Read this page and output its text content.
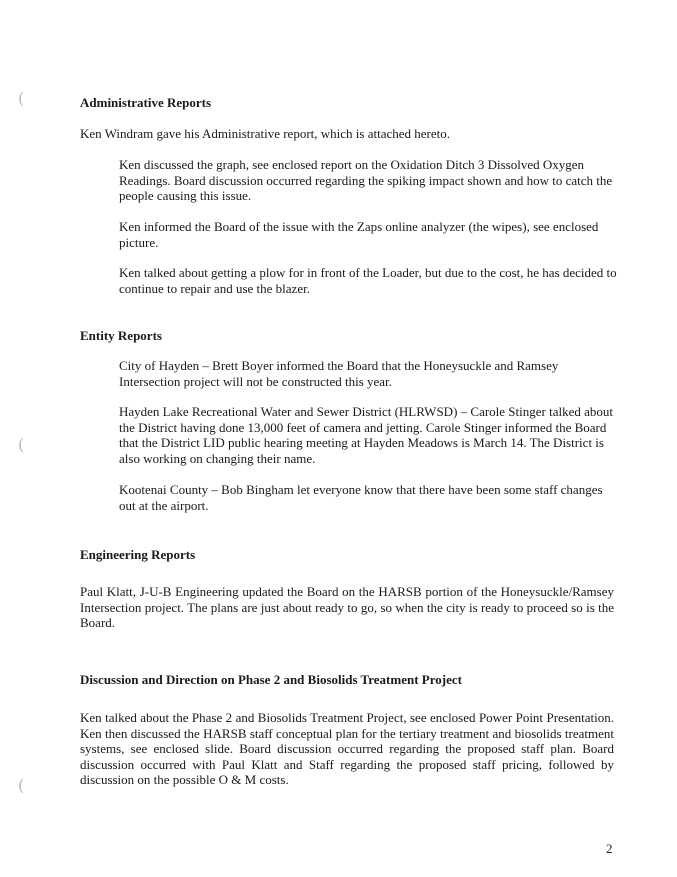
(
(
(
Administrative Reports

Ken Windram gave his Administrative report, which is attached hereto.

Ken discussed the graph, see enclosed report on the Oxidation Ditch 3 Dissolved Oxygen Readings. Board discussion occurred regarding the spiking impact shown and how to catch the people causing this issue.

Ken informed the Board of the issue with the Zaps online analyzer (the wipes), see enclosed picture.

Ken talked about getting a plow for in front of the Loader, but due to the cost, he has decided to continue to repair and use the blazer.

Entity Reports

City of Hayden – Brett Boyer informed the Board that the Honeysuckle and Ramsey Intersection project will not be constructed this year.

Hayden Lake Recreational Water and Sewer District (HLRWSD) – Carole Stinger talked about the District having done 13,000 feet of camera and jetting. Carole Stinger informed the Board that the District LID public hearing meeting at Hayden Meadows is March 14. The District is also working on changing their name.

Kootenai County – Bob Bingham let everyone know that there have been some staff changes out at the airport.

Engineering Reports

Paul Klatt, J-U-B Engineering updated the Board on the HARSB portion of the Honeysuckle/Ramsey Intersection project. The plans are just about ready to go, so when the city is ready to proceed so is the Board.

Discussion and Direction on Phase 2 and Biosolids Treatment Project

Ken talked about the Phase 2 and Biosolids Treatment Project, see enclosed Power Point Presentation. Ken then discussed the HARSB staff conceptual plan for the tertiary treatment and biosolids treatment systems, see enclosed slide. Board discussion occurred regarding the proposed staff plan. Board discussion occurred with Paul Klatt and Staff regarding the proposed staff pricing, followed by discussion on the possible O & M costs.

2
